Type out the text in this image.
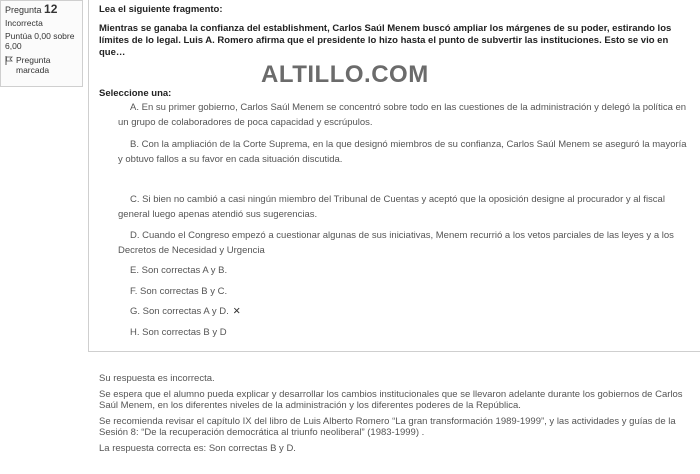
Pregunta 12
Incorrecta
Puntúa 0,00 sobre 6,00
Pregunta marcada
Lea el siguiente fragmento:
Mientras se ganaba la confianza del establishment, Carlos Saúl Menem buscó ampliar los márgenes de su poder, estirando los límites de lo legal. Luis A. Romero afirma que el presidente lo hizo hasta el punto de subvertir las instituciones. Esto se vio en que…
ALTILLO.COM
Seleccione una:
A. En su primer gobierno, Carlos Saúl Menem se concentró sobre todo en las cuestiones de la administración y delegó la política en un grupo de colaboradores de poca capacidad y escrúpulos.
B. Con la ampliación de la Corte Suprema, en la que designó miembros de su confianza, Carlos Saúl Menem se aseguró la mayoría y obtuvo fallos a su favor en cada situación discutida.
C. Si bien no cambió a casi ningún miembro del Tribunal de Cuentas y aceptó que la oposición designe al procurador y al fiscal general luego apenas atendió sus sugerencias.
D. Cuando el Congreso empezó a cuestionar algunas de sus iniciativas, Menem recurrió a los vetos parciales de las leyes y a los Decretos de Necesidad y Urgencia
E. Son correctas A y B.
F. Son correctas B y C.
G. Son correctas A y D. ✕
H. Son correctas B y D

Su respuesta es incorrecta.

Se espera que el alumno pueda explicar y desarrollar los cambios institucionales que se llevaron adelante durante los gobiernos de Carlos Saúl Menem, en los diferentes niveles de la administración y los diferentes poderes de la República.

Se recomienda revisar el capítulo IX del libro de Luis Alberto Romero “La gran transformación 1989-1999”, y las actividades y guías de la Sesión 8: “De la recuperación democrática al triunfo neoliberal” (1983-1999) .

La respuesta correcta es: Son correctas B y D.
